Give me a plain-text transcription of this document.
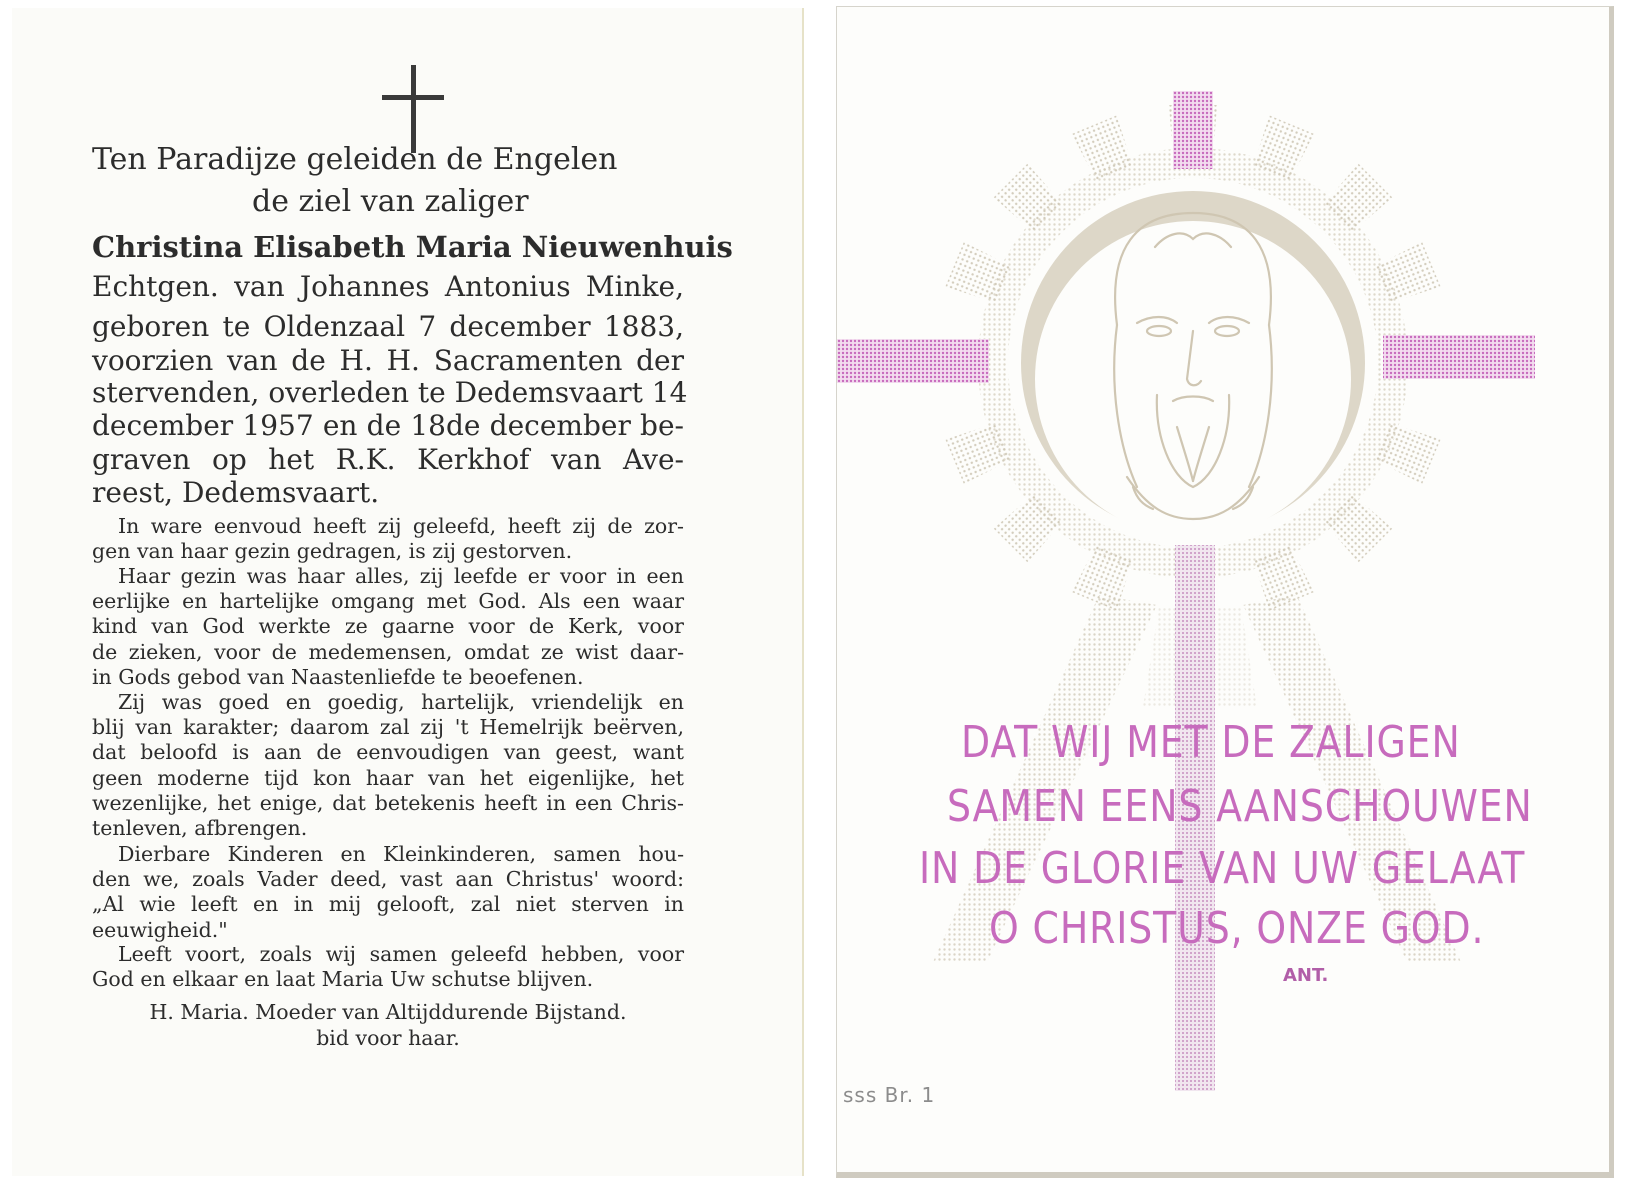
Ten Paradijze geleiden de Engelen
de ziel van zaliger
Christina Elisabeth Maria Nieuwenhuis
Echtgen. van Johannes Antonius Minke,
geboren te Oldenzaal 7 december 1883,
voorzien van de H. H. Sacramenten der
stervenden, overleden te Dedemsvaart 14
december 1957 en de 18de december be-
graven op het R.K. Kerkhof van Ave-
reest, Dedemsvaart.
In ware eenvoud heeft zij geleefd, heeft zij de zor-
gen van haar gezin gedragen, is zij gestorven.
Haar gezin was haar alles, zij leefde er voor in een
eerlijke en hartelijke omgang met God. Als een waar
kind van God werkte ze gaarne voor de Kerk, voor
de zieken, voor de medemensen, omdat ze wist daar-
in Gods gebod van Naastenliefde te beoefenen.
Zij was goed en goedig, hartelijk, vriendelijk en
blij van karakter; daarom zal zij 't Hemelrijk beërven,
dat beloofd is aan de eenvoudigen van geest, want
geen moderne tijd kon haar van het eigenlijke, het
wezenlijke, het enige, dat betekenis heeft in een Chris-
tenleven, afbrengen.
Dierbare Kinderen en Kleinkinderen, samen hou-
den we, zoals Vader deed, vast aan Christus' woord:
„Al wie leeft en in mij gelooft, zal niet sterven in
eeuwigheid."
Leeft voort, zoals wij samen geleefd hebben, voor
God en elkaar en laat Maria Uw schutse blijven.
H. Maria. Moeder van Altijddurende Bijstand.
bid voor haar.
DAT WIJ MET DE ZALIGEN
SAMEN EENS AANSCHOUWEN
IN DE GLORIE VAN UW GELAAT
O CHRISTUS, ONZE GOD.
ANT.
sss Br. 1
